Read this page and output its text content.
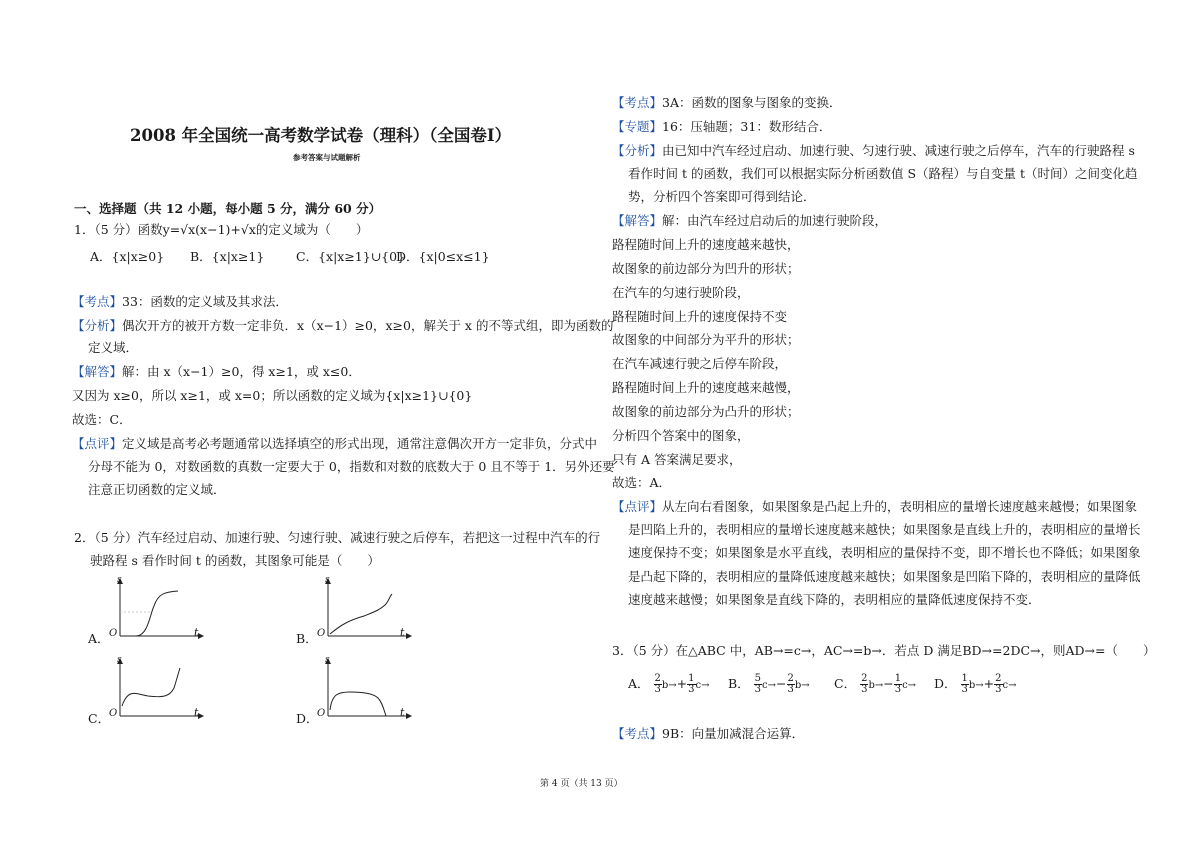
2008 年全国统一高考数学试卷（理科）（全国卷Ⅰ）
参考答案与试题解析
一、选择题（共 12 小题，每小题 5 分，满分 60 分）
1．（5 分）函数y=√x(x−1)+√x的定义域为（　　）
A．{x|x≥0} B．{x|x≥1}	C．{x|x≥1}∪{0}
D．{x|0≤x≤1}
【考点】33：函数的定义域及其求法．
【分析】偶次开方的被开方数一定非负．x（x−1）≥0，x≥0，解关于 x 的不等式组，即为函数的
定义域．
【解答】解：由 x（x−1）≥0，得 x≥1，或 x≤0．
又因为 x≥0，所以 x≥1，或 x=0；所以函数的定义域为{x|x≥1}∪{0}
故选：C．
【点评】定义域是高考必考题通常以选择填空的形式出现，通常注意偶次开方一定非负，分式中
分母不能为 0，对数函数的真数一定要大于 0，指数和对数的底数大于 0 且不等于 1．另外还要
注意正切函数的定义域．
2．（5 分）汽车经过启动、加速行驶、匀速行驶、减速行驶之后停车，若把这一过程中汽车的行
驶路程 s 看作时间 t 的函数，其图象可能是（　　）
A．
s
O	t	B．
s
O	t
C．
s
O	t	D．
s
O	t
【考点】3A：函数的图象与图象的变换．
【专题】16：压轴题；31：数形结合．
【分析】由已知中汽车经过启动、加速行驶、匀速行驶、减速行驶之后停车，汽车的行驶路程 s
看作时间 t 的函数，我们可以根据实际分析函数值 S（路程）与自变量 t（时间）之间变化趋
势，分析四个答案即可得到结论．
【解答】解：由汽车经过启动后的加速行驶阶段，
路程随时间上升的速度越来越快，
故图象的前边部分为凹升的形状；
在汽车的匀速行驶阶段，
路程随时间上升的速度保持不变
故图象的中间部分为平升的形状；
在汽车减速行驶之后停车阶段，
路程随时间上升的速度越来越慢，
故图象的前边部分为凸升的形状；
分析四个答案中的图象，
只有 A 答案满足要求，
故选：A．
【点评】从左向右看图象，如果图象是凸起上升的，表明相应的量增长速度越来越慢；如果图象
是凹陷上升的，表明相应的量增长速度越来越快；如果图象是直线上升的，表明相应的量增长
速度保持不变；如果图象是水平直线，表明相应的量保持不变，即不增长也不降低；如果图象
是凸起下降的，表明相应的量降低速度越来越快；如果图象是凹陷下降的，表明相应的量降低
速度越来越慢；如果图象是直线下降的，表明相应的量降低速度保持不变．
3．（5 分）在△ABC 中，AB→=c→，AC→=b→．若点 D 满足BD→=2DC→，则AD→=（　　）
A． $\frac{2}{3} b\to+ \frac{1}{3} c\to B$． $\frac{5}{3} c\to- \frac{2}{3} b\to C$． $\frac{2}{3} b\to- \frac{1}{3} c\to D$． $\frac{1}{3} b\to+ \frac{2}{3} c\to$
【考点】9B：向量加减混合运算．
第 4 页（共 13 页）
